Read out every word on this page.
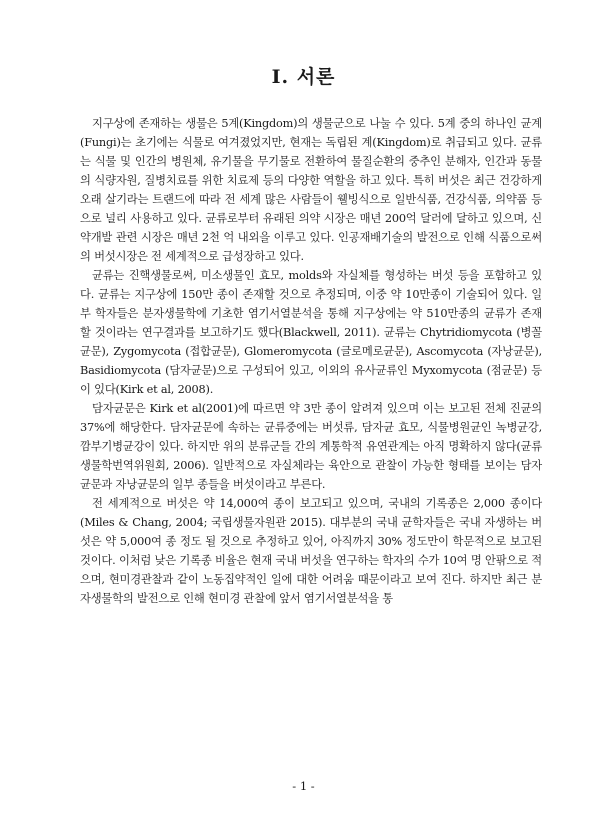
Ⅰ. 서론

지구상에 존재하는 생물은 5계(Kingdom)의 생물군으로 나눌 수 있다. 5계 중의 하나인 균계(Fungi)는 초기에는 식물로 여겨졌었지만, 현재는 독립된 계(Kingdom)로 취급되고 있다. 균류는 식물 및 인간의 병원체, 유기물을 무기물로 전환하여 물질순환의 중추인 분해자, 인간과 동물의 식량자원, 질병치료를 위한 치료제 등의 다양한 역할을 하고 있다. 특히 버섯은 최근 건강하게 오래 살기라는 트랜드에 따라 전 세계 많은 사람들이 웰빙식으로 일반식품, 건강식품, 의약품 등으로 널리 사용하고 있다. 균류로부터 유래된 의약 시장은 매년 200억 달러에 달하고 있으며, 신약개발 관련 시장은 매년 2천 억 내외을 이루고 있다. 인공재배기술의 발전으로 인해 식품으로써의 버섯시장은 전 세계적으로 급성장하고 있다.

균류는 진핵생물로써, 미소생물인 효모, molds와 자실체를 형성하는 버섯 등을 포함하고 있다. 균류는 지구상에 150만 종이 존재할 것으로 추정되며, 이중 약 10만종이 기술되어 있다. 일부 학자들은 분자생물학에 기초한 염기서열분석을 통해 지구상에는 약 510만종의 균류가 존재 할 것이라는 연구결과를 보고하기도 했다(Blackwell, 2011). 균류는 Chytridiomycota (병꼴균문), Zygomycota (접합균문), Glomeromycota (글로메로균문), Ascomycota (자낭균문), Basidiomycota (담자균문)으로 구성되어 있고, 이외의 유사균류인 Myxomycota (점균문) 등이 있다(Kirk et al, 2008).

담자균문은 Kirk et al(2001)에 따르면 약 3만 종이 알려져 있으며 이는 보고된 전체 진균의 37%에 해당한다. 담자균문에 속하는 균류중에는 버섯류, 담자균 효모, 식물병원균인 녹병균강, 깜부기병균강이 있다. 하지만 위의 분류군들 간의 계통학적 유연관계는 아직 명확하지 않다(균류생물학번역위원회, 2006). 일반적으로 자실체라는 육안으로 관찰이 가능한 형태를 보이는 담자균문과 자낭균문의 일부 종들을 버섯이라고 부른다.

전 세계적으로 버섯은 약 14,000여 종이 보고되고 있으며, 국내의 기록종은 2,000 종이다(Miles & Chang, 2004; 국립생물자원관 2015). 대부분의 국내 균학자들은 국내 자생하는 버섯은 약 5,000여 종 정도 될 것으로 추정하고 있어, 아직까지 30% 정도만이 학문적으로 보고된 것이다. 이처럼 낮은 기록종 비율은 현재 국내 버섯을 연구하는 학자의 수가 10여 명 안팎으로 적으며, 현미경관찰과 같이 노동집약적인 일에 대한 어려움 때문이라고 보여 진다. 하지만 최근 분자생물학의 발전으로 인해 현미경 관찰에 앞서 염기서열분석을 통

- 1 -
